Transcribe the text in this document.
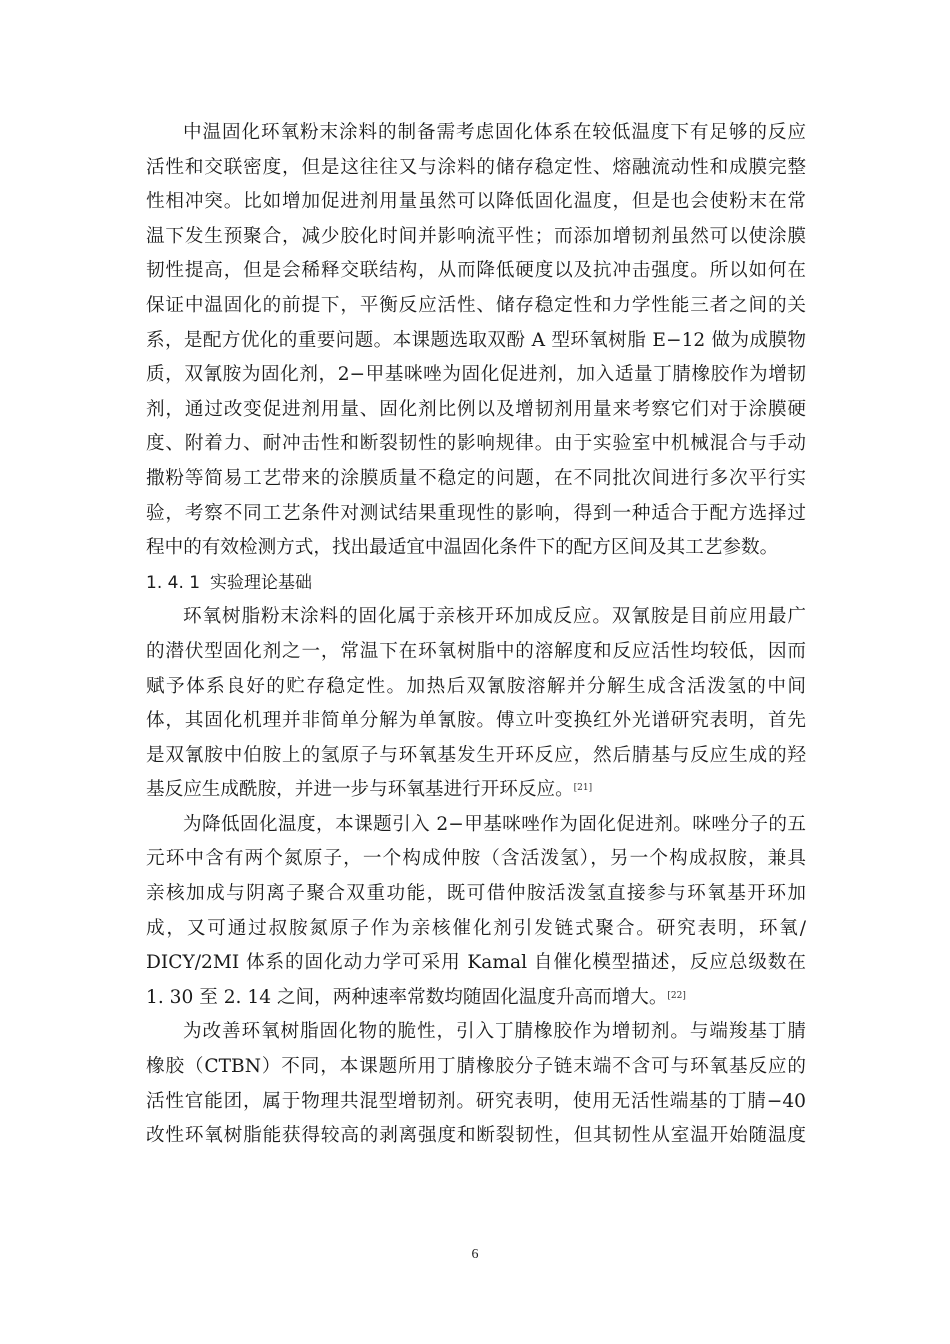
中温固化环氧粉末涂料的制备需考虑固化体系在较低温度下有足够的反应
活性和交联密度，但是这往往又与涂料的储存稳定性、熔融流动性和成膜完整
性相冲突。比如增加促进剂用量虽然可以降低固化温度，但是也会使粉末在常
温下发生预聚合，减少胶化时间并影响流平性；而添加增韧剂虽然可以使涂膜
韧性提高，但是会稀释交联结构，从而降低硬度以及抗冲击强度。所以如何在
保证中温固化的前提下，平衡反应活性、储存稳定性和力学性能三者之间的关
系，是配方优化的重要问题。本课题选取双酚 A 型环氧树脂 E−12 做为成膜物
质，双氰胺为固化剂，2−甲基咪唑为固化促进剂，加入适量丁腈橡胶作为增韧
剂，通过改变促进剂用量、固化剂比例以及增韧剂用量来考察它们对于涂膜硬
度、附着力、耐冲击性和断裂韧性的影响规律。由于实验室中机械混合与手动
撒粉等简易工艺带来的涂膜质量不稳定的问题，在不同批次间进行多次平行实
验，考察不同工艺条件对测试结果重现性的影响，得到一种适合于配方选择过
程中的有效检测方式，找出最适宜中温固化条件下的配方区间及其工艺参数。
1. 4. 1 实验理论基础
环氧树脂粉末涂料的固化属于亲核开环加成反应。双氰胺是目前应用最广
的潜伏型固化剂之一，常温下在环氧树脂中的溶解度和反应活性均较低，因而
赋予体系良好的贮存稳定性。加热后双氰胺溶解并分解生成含活泼氢的中间
体，其固化机理并非简单分解为单氰胺。傅立叶变换红外光谱研究表明，首先
是双氰胺中伯胺上的氢原子与环氧基发生开环反应，然后腈基与反应生成的羟
基反应生成酰胺，并进一步与环氧基进行开环反应。[21]
为降低固化温度，本课题引入 2−甲基咪唑作为固化促进剂。咪唑分子的五
元环中含有两个氮原子，一个构成仲胺（含活泼氢），另一个构成叔胺，兼具
亲核加成与阴离子聚合双重功能，既可借仲胺活泼氢直接参与环氧基开环加
成，又可通过叔胺氮原子作为亲核催化剂引发链式聚合。研究表明，环氧/
DICY/2MI 体系的固化动力学可采用 Kamal 自催化模型描述，反应总级数在
1. 30 至 2. 14 之间，两种速率常数均随固化温度升高而增大。[22]
为改善环氧树脂固化物的脆性，引入丁腈橡胶作为增韧剂。与端羧基丁腈
橡胶（CTBN）不同，本课题所用丁腈橡胶分子链末端不含可与环氧基反应的
活性官能团，属于物理共混型增韧剂。研究表明，使用无活性端基的丁腈−40
改性环氧树脂能获得较高的剥离强度和断裂韧性，但其韧性从室温开始随温度
6
